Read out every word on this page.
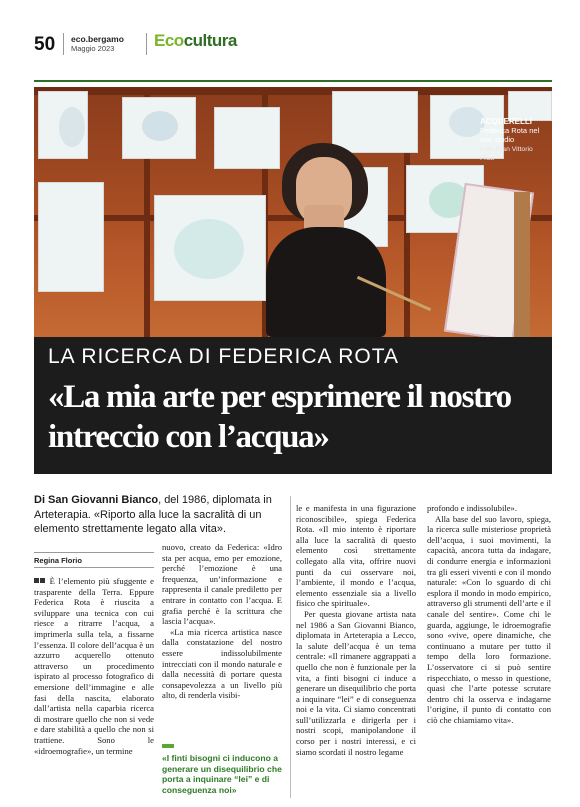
50 eco.bergamo
Maggio 2023	Ecocultura
ACQUERELLI
Federica Rota nel suo studio
Foto Gian Vittorio Frau
LA RICERCA DI FEDERICA ROTA
«La mia arte per esprimere il nostro intreccio con l’acqua»
Di San Giovanni Bianco, del 1986, diplomata in Arteterapia. «Riporto alla luce la sacralità di un elemento strettamente legato alla vita».
Regina Florio

È l’elemento più sfuggente e trasparente della Terra. Eppure Federica Rota è riuscita a sviluppare una tecnica con cui riesce a ritrarre l’acqua, a imprimerla sulla tela, a fissarne l’essenza. Il colore dell’acqua è un azzurro acquerello ottenuto attraverso un procedimento ispirato al processo fotografico di emersione dell’immagine e alle fasi della nascita, elaborato dall’artista nella caparbia ricerca di mostrare quello che non si vede e dare stabilità a quello che non si trattiene. Sono le «idroemografie», un termine

nuovo, creato da Federica: «Idro sta per acqua, emo per emozione, perché l’emozione è una frequenza, un’informazione e rappresenta il canale prediletto per entrare in contatto con l’acqua. E grafia perché è la scrittura che lascia l’acqua».

«La mia ricerca artistica nasce dalla constatazione del nostro essere indissolubilmente intrecciati con il mondo naturale e dalla necessità di portare questa consapevolezza a un livello più alto, di renderla visibi-

«I finti bisogni ci inducono a generare un disequilibrio che porta a inquinare “lei” e di conseguenza noi»

le e manifesta in una figurazione riconoscibile», spiega Federica Rota. «Il mio intento è riportare alla luce la sacralità di questo elemento così strettamente collegato alla vita, offrire nuovi punti da cui osservare noi, l’ambiente, il mondo e l’acqua, elemento essenziale sia a livello fisico che spirituale».

Per questa giovane artista nata nel 1986 a San Giovanni Bianco, diplomata in Arteterapia a Lecco, la salute dell’acqua è un tema centrale: «Il rimanere aggrappati a quello che non è funzionale per la vita, a finti bisogni ci induce a generare un disequilibrio che porta a inquinare “lei” e di conseguenza noi e la vita. Ci siamo concentrati sull’utilizzarla e dirigerla per i nostri scopi, manipolandone il corso per i nostri interessi, e ci siamo scordati il nostro legame

profondo e indissolubile».

Alla base del suo lavoro, spiega, la ricerca sulle misteriose proprietà dell’acqua, i suoi movimenti, la capacità, ancora tutta da indagare, di condurre energia e informazioni tra gli esseri viventi e con il mondo naturale: «Con lo sguardo di chi esplora il mondo in modo empirico, attraverso gli strumenti dell’arte e il canale del sentire». Come chi le guarda, aggiunge, le idroemografie sono «vive, opere dinamiche, che continuano a mutare per tutto il tempo della loro formazione. L’osservatore ci si può sentire rispecchiato, o messo in questione, quasi che l’arte potesse scrutare dentro chi la osserva e indagarne l’origine, il punto di contatto con ciò che chiamiamo vita».
